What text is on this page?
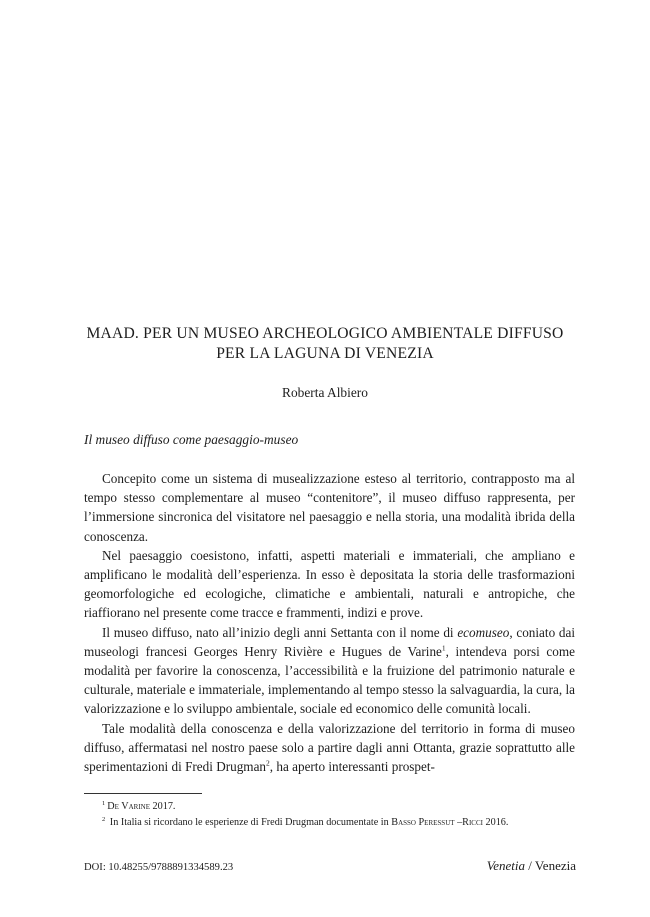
MAAD. PER UN MUSEO ARCHEOLOGICO AMBIENTALE DIFFUSO
PER LA LAGUNA DI VENEZIA

Roberta Albiero

Il museo diffuso come paesaggio-museo

Concepito come un sistema di musealizzazione esteso al territorio, contrapposto ma al tempo stesso complementare al museo “contenitore”, il museo diffuso rappresenta, per l’immersione sincronica del visitatore nel paesaggio e nella storia, una modalità ibrida della conoscenza.

Nel paesaggio coesistono, infatti, aspetti materiali e immateriali, che ampliano e amplificano le modalità dell’esperienza. In esso è depositata la storia delle trasformazioni geomorfologiche ed ecologiche, climatiche e ambientali, naturali e antropiche, che riaffiorano nel presente come tracce e frammenti, indizi e prove.

Il museo diffuso, nato all’inizio degli anni Settanta con il nome di ecomuseo, coniato dai museologi francesi Georges Henry Rivière e Hugues de Varine$^1$, intendeva porsi come modalità per favorire la conoscenza, l’accessibilità e la fruizione del patrimonio naturale e culturale, materiale e immateriale, implementando al tempo stesso la salvaguardia, la cura, la valorizzazione e lo sviluppo ambientale, sociale ed economico delle comunità locali.

Tale modalità della conoscenza e della valorizzazione del territorio in forma di museo diffuso, affermatasi nel nostro paese solo a partire dagli anni Ottanta, grazie soprattutto alle sperimentazioni di Fredi Drugman$^2$, ha aperto interessanti prospet-

$^1$ De Varine 2017.

$^2$ In Italia si ricordano le esperienze di Fredi Drugman documentate in Basso Peressut –Ricci 2016.

DOI: 10.48255/9788891334589.23	Venetia / Venezia
